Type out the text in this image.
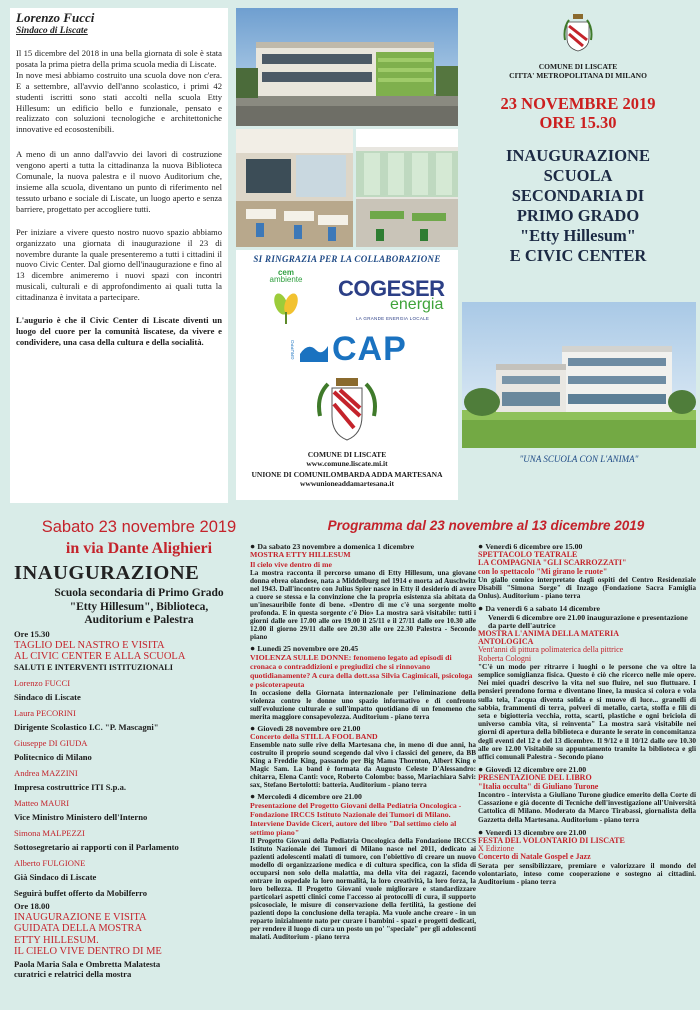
Lorenzo Fucci
Sindaco di Liscate

Il 15 dicembre del 2018 in una bella giornata di sole è stata posata la prima pietra della prima scuola media di Liscate.

In nove mesi abbiamo costruito una scuola dove non c'era. E a settembre, all'avvio dell'anno scolastico, i primi 42 studenti iscritti sono stati accolti nella scuola Etty Hillesum: un edificio bello e funzionale, pensato e realizzato con soluzioni tecnologiche e architettoniche innovative ed ecosostenibili.

A meno di un anno dall'avvio dei lavori di costruzione vengono aperti a tutta la cittadinanza la nuova Biblioteca Comunale, la nuova palestra e il nuovo Auditorium che, insieme alla scuola, diventano un punto di riferimento nel tessuto urbano e sociale di Liscate, un luogo aperto e senza barriere, progettato per accogliere tutti.

Per iniziare a vivere questo nostro nuovo spazio abbiamo organizzato una giornata di inaugurazione il 23 di novembre durante la quale presenteremo a tutti i cittadini il nuovo Civic Center. Dal giorno dell'inaugurazione e fino al 13 dicembre animeremo i nuovi spazi con incontri musicali, culturali e di approfondimento ai quali tutta la cittadinanza è invitata a partecipare.

L'augurio è che il Civic Center di Liscate diventi un luogo del cuore per la comunità liscatese, da vivere e condividere, una casa della cultura e della socialità.

SI RINGRAZIA PER LA COLLABORAZIONE
cem
ambiente	COGESER
energia
LA GRANDE ENERGIA LOCALE
GRUPPO CAP
COMUNE DI LISCATE
www.comune.liscate.mi.it
UNIONE DI COMUNILOMBARDA ADDA MARTESANA
wwwunioneaddamartesana.it
COMUNE DI LISCATE
CITTA' METROPOLITANA DI MILANO
23 NOVEMBRE 2019
ORE 15.30
INAUGURAZIONE
SCUOLA
SECONDARIA DI
PRIMO GRADO
"Etty Hillesum"
E CIVIC CENTER
"UNA SCUOLA CON L'ANIMA"
Sabato 23 novembre 2019
in via Dante Alighieri
INAUGURAZIONE
Scuola secondaria di Primo Grado
"Etty Hillesum", Biblioteca,
Auditorium e Palestra
Ore 15.30
TAGLIO DEL NASTRO E VISITA
AL CIVIC CENTER E ALLA SCUOLA
SALUTI E INTERVENTI ISTITUZIONALI
Lorenzo FUCCI
Sindaco di Liscate
Laura PECORINI
Dirigente Scolastico I.C. "P. Mascagni"
Giuseppe DI GIUDA
Politecnico di Milano
Andrea MAZZINI
Impresa costruttrice ITI S.p.a.
Matteo MAURI
Vice Ministro Ministero dell'Interno
Simona MALPEZZI
Sottosegretario ai rapporti con il Parlamento
Alberto FULGIONE
Già Sindaco di Liscate
Seguirà buffet offerto da Mobilferro
Ore 18.00
INAUGURAZIONE E VISITA
GUIDATA DELLA MOSTRA
ETTY HILLESUM.
IL CIELO VIVE DENTRO DI ME
Paola Maria Sala e Ombretta Malatesta
curatrici e relatrici della mostra
Programma dal 23 novembre al 13 dicembre 2019
● Da sabato 23 novembre a domenica 1 dicembre
MOSTRA ETTY HILLESUM
Il cielo vive dentro di me
La mostra racconta il percorso umano di Etty Hillesum, una giovane donna ebrea olandese, nata a Middelburg nel 1914 e morta ad Auschwitz nel 1943. Dall'incontro con Julius Spier nasce in Etty il desiderio di avere a cuore se stessa e la convinzione che la propria esistenza sia abitata da un'inesauribile fonte di bene. «Dentro di me c'è una sorgente molto profonda. E in questa sorgente c'è Dio» La mostra sarà visitabile: tutti i giorni dalle ore 17.00 alle ore 19.00 il 25/11 e il 27/11 dalle ore 10.30 alle 12.00 il giorno 29/11 dalle ore 20.30 alle ore 22.30 Palestra - Secondo piano
● Lunedì 25 novembre ore 20.45
VIOLENZA SULLE DONNE: fenomeno legato ad episodi di cronaca o contraddizioni e pregiudizi che si rinnovano quotidianamente? A cura della dott.ssa Silvia Cagimicali, psicologa e psicoterapeuta
In occasione della Giornata internazionale per l'eliminazione della violenza contro le donne uno spazio informativo e di confronto sull'evoluzione culturale e sull'impatto quotidiano di un fenomeno che merita maggiore consapevolezza. Auditorium - piano terra
● Giovedì 28 novembre ore 21.00
Concerto della STILL A FOOL BAND
Ensemble nato sulle rive della Martesana che, in meno di due anni, ha costruito il proprio sound scegendo dal vivo i classici del genere, da BB King a Freddie King, passando per Big Mama Thornton, Albert King e Magic Sam. La band è formata da Augusto Celeste D'Alessandro: chitarra, Elena Canti: voce, Roberto Colombo: basso, Mariachiara Salvi: sax, Stefano Bertolotti: batteria. Auditorium - piano terra
● Mercoledì 4 dicembre ore 21.00
Presentazione del Progetto Giovani della Pediatria Oncologica - Fondazione IRCCS Istituto Nazionale dei Tumori di Milano. Interviene Davide Ciceri, autore del libro "Dal settimo cielo al settimo piano"
Il Progetto Giovani della Pediatria Oncologica della Fondazione IRCCS Istituto Nazionale dei Tumori di Milano nasce nel 2011, dedicato ai pazienti adolescenti malati di tumore, con l'obiettivo di creare un nuovo modello di organizzazione medica e di cultura specifica, con la sfida di occuparsi non solo della malattia, ma della vita dei ragazzi, facendo entrare in ospedale la loro normalità, la loro creatività, la loro forza, la loro bellezza. Il Progetto Giovani vuole migliorare e standardizzare particolari aspetti clinici come l'accesso ai protocolli di cura, il supporto psicosociale, le misure di conservazione della fertilità, la gestione dei pazienti dopo la conclusione della terapia. Ma vuole anche creare - in un reparto inizialmente nato per curare i bambini - spazi e progetti dedicati, per rendere il luogo di cura un posto un po' "speciale" per gli adolescenti malati. Auditorium - piano terra
● Venerdì 6 dicembre ore 15.00
SPETTACOLO TEATRALE
LA COMPAGNIA "GLI SCARROZZATI"
con lo spettacolo "Mi girano le ruote"
Un giallo comico interpretato dagli ospiti del Centro Residenziale Disabili "Simona Sorge" di Inzago (Fondazione Sacra Famiglia Onlus). Auditorium - piano terra
● Da venerdì 6 a sabato 14 dicembre
Venerdì 6 dicembre ore 21.00 inaugurazione e presentazione da parte dell'autrice
MOSTRA L'ANIMA DELLA MATERIA
ANTOLOGICA
Vent'anni di pittura polimaterica della pittrice
Roberta Cologni
"C'è un modo per ritrarre i luoghi o le persone che va oltre la semplice somiglianza fisica. Questo è ciò che ricerco nelle mie opere. Nei miei quadri descrivo la vita nel suo fluire, nel suo fluttuare. I pensieri prendono forma e diventano linee, la musica si colora e vola sulla tela, l'acqua diventa solida e si muove di luce... granelli di sabbia, frammenti di terra, polveri di metallo, carta, stoffa e fili di seta e bigiotteria vecchia, rotta, scarti, plastiche e ogni briciola di universo cambia vita, si reinventa" La mostra sarà visitabile nei giorni di apertura della biblioteca e durante le serate in concomitanza degli eventi del 12 e del 13 dicembre. Il 9/12 e il 10/12 dalle ore 10.30 alle ore 12.00 Visitabile su appuntamento tramite la biblioteca e gli uffici comunali Palestra - Secondo piano
● Giovedì 12 dicembre ore 21.00
PRESENTAZIONE DEL LIBRO
"Italia occulta" di Giuliano Turone
Incontro - intervista a Giuliano Turone giudice emerito della Corte di Cassazione e già docente di Tecniche dell'investigazione all'Università Cattolica di Milano. Moderato da Marco Tirabassi, giornalista della Gazzetta della Martesana. Auditorium - piano terra
● Venerdì 13 dicembre ore 21.00
FESTA DEL VOLONTARIO DI LISCATE
X Edizione
Concerto di Natale Gospel e Jazz
Serata per sensibilizzare, premiare e valorizzare il mondo del volontariato, inteso come cooperazione e sostegno ai cittadini. Auditorium - piano terra
